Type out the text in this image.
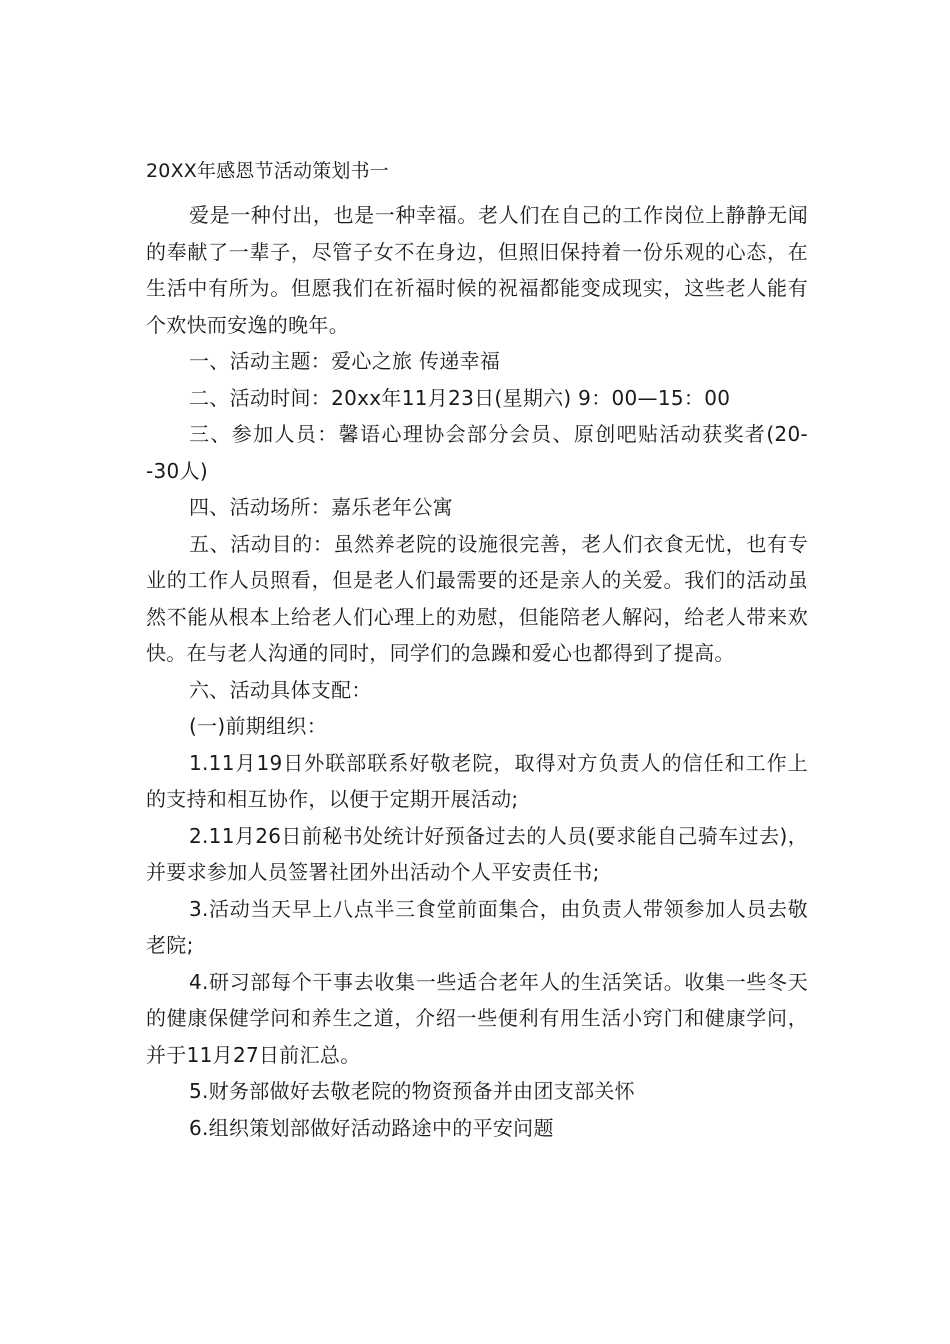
20XX年感恩节活动策划书一

爱是一种付出，也是一种幸福。老人们在自己的工作岗位上静静无闻的奉献了一辈子，尽管子女不在身边，但照旧保持着一份乐观的心态，在生活中有所为。但愿我们在祈福时候的祝福都能变成现实，这些老人能有个欢快而安逸的晚年。

一、活动主题：爱心之旅 传递幸福

二、活动时间：20xx年11月23日(星期六) 9：00—15：00

三、参加人员：馨语心理协会部分会员、原创吧贴活动获奖者(20--30人)

四、活动场所：嘉乐老年公寓

五、活动目的：虽然养老院的设施很完善，老人们衣食无忧，也有专业的工作人员照看，但是老人们最需要的还是亲人的关爱。我们的活动虽然不能从根本上给老人们心理上的劝慰，但能陪老人解闷，给老人带来欢快。在与老人沟通的同时，同学们的急躁和爱心也都得到了提高。

六、活动具体支配：

(一)前期组织：

1.11月19日外联部联系好敬老院，取得对方负责人的信任和工作上的支持和相互协作，以便于定期开展活动;

2.11月26日前秘书处统计好预备过去的人员(要求能自己骑车过去)，并要求参加人员签署社团外出活动个人平安责任书;

3.活动当天早上八点半三食堂前面集合，由负责人带领参加人员去敬老院;

4.研习部每个干事去收集一些适合老年人的生活笑话。收集一些冬天的健康保健学问和养生之道，介绍一些便利有用生活小窍门和健康学问，并于11月27日前汇总。

5.财务部做好去敬老院的物资预备并由团支部关怀

6.组织策划部做好活动路途中的平安问题
